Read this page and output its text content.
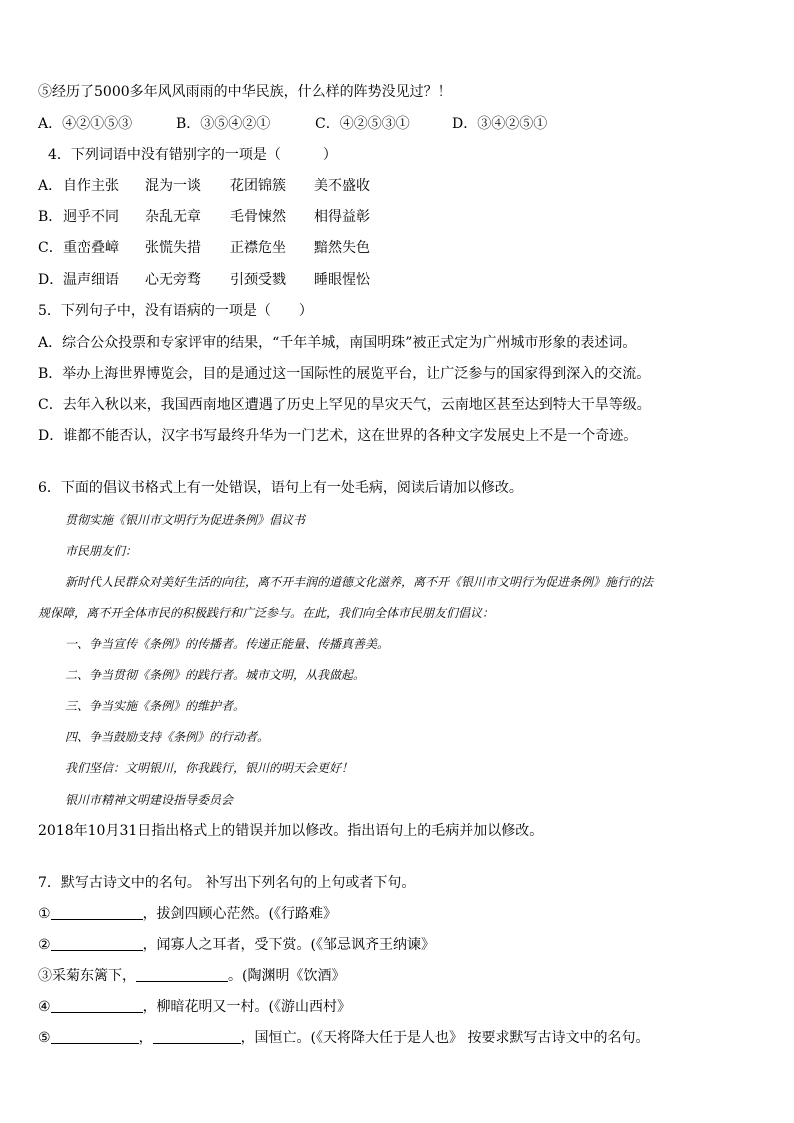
⑤经历了5000多年风风雨雨的中华民族，什么样的阵势没见过？！
A．④②①⑤③	B．③⑤④②①	C．④②⑤③①	D．③④②⑤①
4．下列词语中没有错别字的一项是（　　　）
A． 自作主张 混为一谈 花团锦簇 美不盛收
B． 迥乎不同 杂乱无章 毛骨悚然 相得益彰
C． 重峦叠嶂 张慌失措 正襟危坐 黯然失色
D． 温声细语 心无旁骛 引颈受戮 睡眼惺忪
5．下列句子中，没有语病的一项是（　　）
A．综合公众投票和专家评审的结果，“千年羊城，南国明珠”被正式定为广州城市形象的表述词。
B．举办上海世界博览会，目的是通过这一国际性的展览平台，让广泛参与的国家得到深入的交流。
C．去年入秋以来，我国西南地区遭遇了历史上罕见的旱灾天气，云南地区甚至达到特大干旱等级。
D．谁都不能否认，汉字书写最终升华为一门艺术，这在世界的各种文字发展史上不是一个奇迹。
6．下面的倡议书格式上有一处错误，语句上有一处毛病，阅读后请加以修改。
贯彻实施《银川市文明行为促进条例》倡议书
市民朋友们：
新时代人民群众对美好生活的向往，离不开丰润的道德文化滋养，离不开《银川市文明行为促进条例》施行的法
规保障，离不开全体市民的积极践行和广泛参与。在此，我们向全体市民朋友们倡议：
一、争当宣传《条例》的传播者。传递正能量、传播真善美。
二、争当贯彻《条例》的践行者。城市文明，从我做起。
三、争当实施《条例》的维护者。
四、争当鼓励支持《条例》的行动者。
我们坚信：文明银川，你我践行，银川的明天会更好！
银川市精神文明建设指导委员会
2018年10月31日指出格式上的错误并加以修改。指出语句上的毛病并加以修改。
7．默写古诗文中的名句。 补写出下列名句的上句或者下句。
①	，拔剑四顾心茫然。(《行路难》
②	，闻寡人之耳者，受下赏。(《邹忌讽齐王纳谏》
③采菊东篱下，	。(陶渊明《饮酒》
④	，柳暗花明又一村。(《游山西村》
⑤	，	，国恒亡。(《天将降大任于是人也》 按要求默写古诗文中的名句。
